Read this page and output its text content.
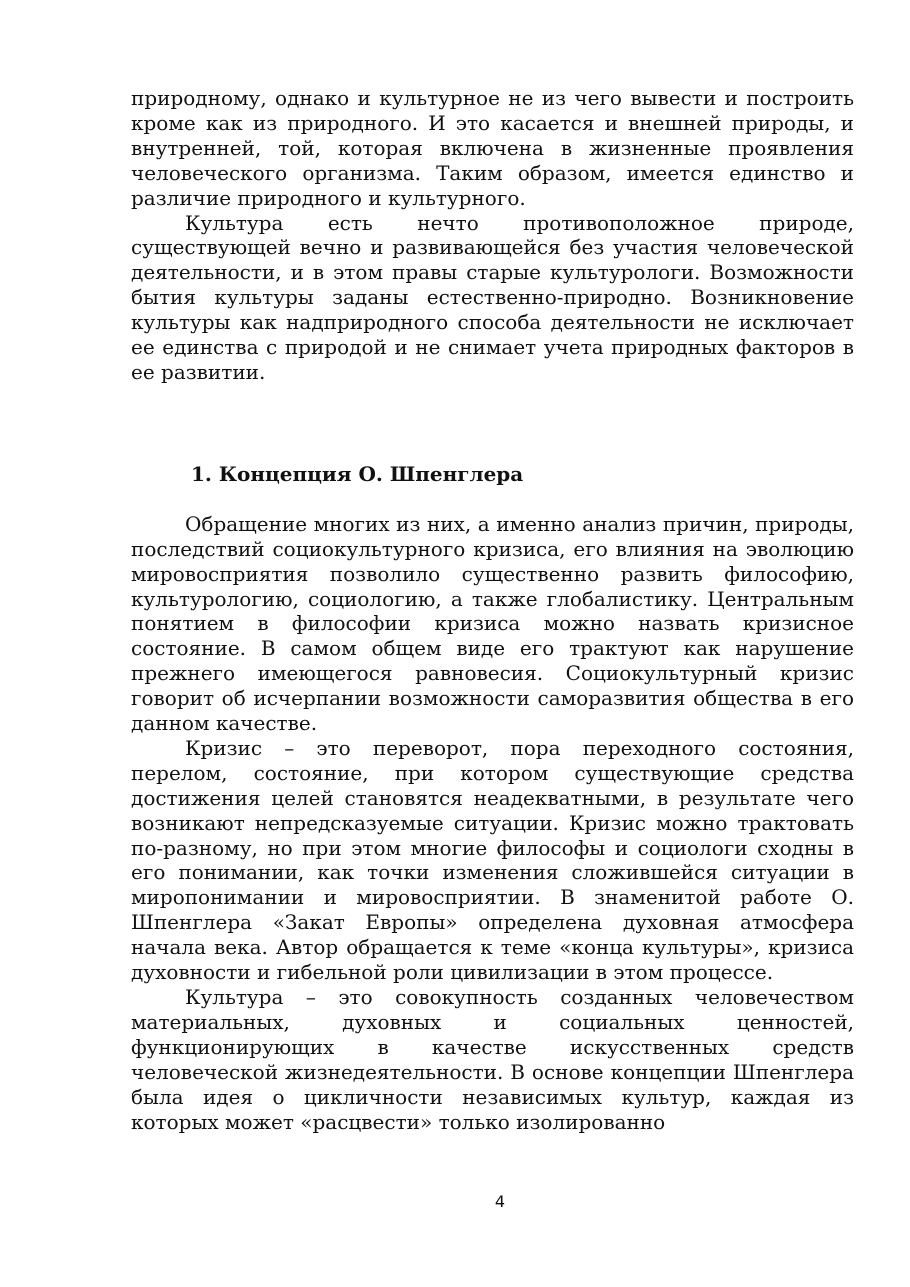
природному, однако и культурное не из чего вывести и построить кроме как из природного. И это касается и внешней природы, и внутренней, той, которая включена в жизненные проявления человеческого организма. Таким образом, имеется единство и различие природного и культурного.

Культура есть нечто противоположное природе, существующей вечно и развивающейся без участия человеческой деятельности, и в этом правы старые культурологи. Возможности бытия культуры заданы естественно-природно. Возникновение культуры как надприродного способа деятельности не исключает ее единства с природой и не снимает учета природных факторов в ее развитии.

1. Концепция О. Шпенглера

Обращение многих из них, а именно анализ причин, природы, последствий социокультурного кризиса, его влияния на эволюцию мировосприятия позволило существенно развить философию, культурологию, социологию, а также глобалистику. Центральным понятием в философии кризиса можно назвать кризисное состояние. В самом общем виде его трактуют как нарушение прежнего имеющегося равновесия. Социокультурный кризис говорит об исчерпании возможности саморазвития общества в его данном качестве.

Кризис – это переворот, пора переходного состояния, перелом, состояние, при котором существующие средства достижения целей становятся неадекватными, в результате чего возникают непредсказуемые ситуации. Кризис можно трактовать по-разному, но при этом многие философы и социологи сходны в его понимании, как точки изменения сложившейся ситуации в миропонимании и мировосприятии. В знаменитой работе О. Шпенглера «Закат Европы» определена духовная атмосфера начала века. Автор обращается к теме «конца культуры», кризиса духовности и гибельной роли цивилизации в этом процессе.

Культура – это совокупность созданных человечеством материальных, духовных и социальных ценностей, функционирующих в качестве искусственных средств человеческой жизнедеятельности. В основе концепции Шпенглера была идея о цикличности независимых культур, каждая из которых может «расцвести» только изолированно

4
